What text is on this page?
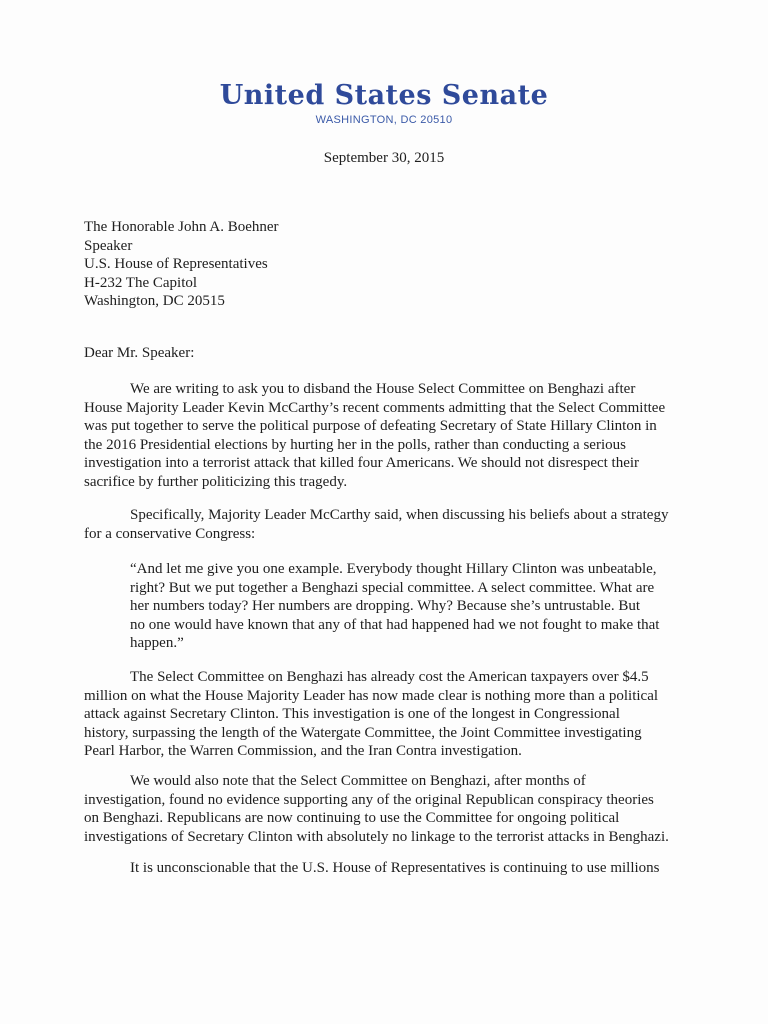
United States Senate
WASHINGTON, DC 20510
September 30, 2015
The Honorable John A. Boehner
Speaker
U.S. House of Representatives
H-232 The Capitol
Washington, DC 20515
Dear Mr. Speaker:
We are writing to ask you to disband the House Select Committee on Benghazi after
House Majority Leader Kevin McCarthy’s recent comments admitting that the Select Committee
was put together to serve the political purpose of defeating Secretary of State Hillary Clinton in
the 2016 Presidential elections by hurting her in the polls, rather than conducting a serious
investigation into a terrorist attack that killed four Americans. We should not disrespect their
sacrifice by further politicizing this tragedy.
Specifically, Majority Leader McCarthy said, when discussing his beliefs about a strategy
for a conservative Congress:
“And let me give you one example. Everybody thought Hillary Clinton was unbeatable,
right? But we put together a Benghazi special committee. A select committee. What are
her numbers today? Her numbers are dropping. Why? Because she’s untrustable. But
no one would have known that any of that had happened had we not fought to make that
happen.”
The Select Committee on Benghazi has already cost the American taxpayers over $4.5
million on what the House Majority Leader has now made clear is nothing more than a political
attack against Secretary Clinton. This investigation is one of the longest in Congressional
history, surpassing the length of the Watergate Committee, the Joint Committee investigating
Pearl Harbor, the Warren Commission, and the Iran Contra investigation.
We would also note that the Select Committee on Benghazi, after months of
investigation, found no evidence supporting any of the original Republican conspiracy theories
on Benghazi. Republicans are now continuing to use the Committee for ongoing political
investigations of Secretary Clinton with absolutely no linkage to the terrorist attacks in Benghazi.
It is unconscionable that the U.S. House of Representatives is continuing to use millions
